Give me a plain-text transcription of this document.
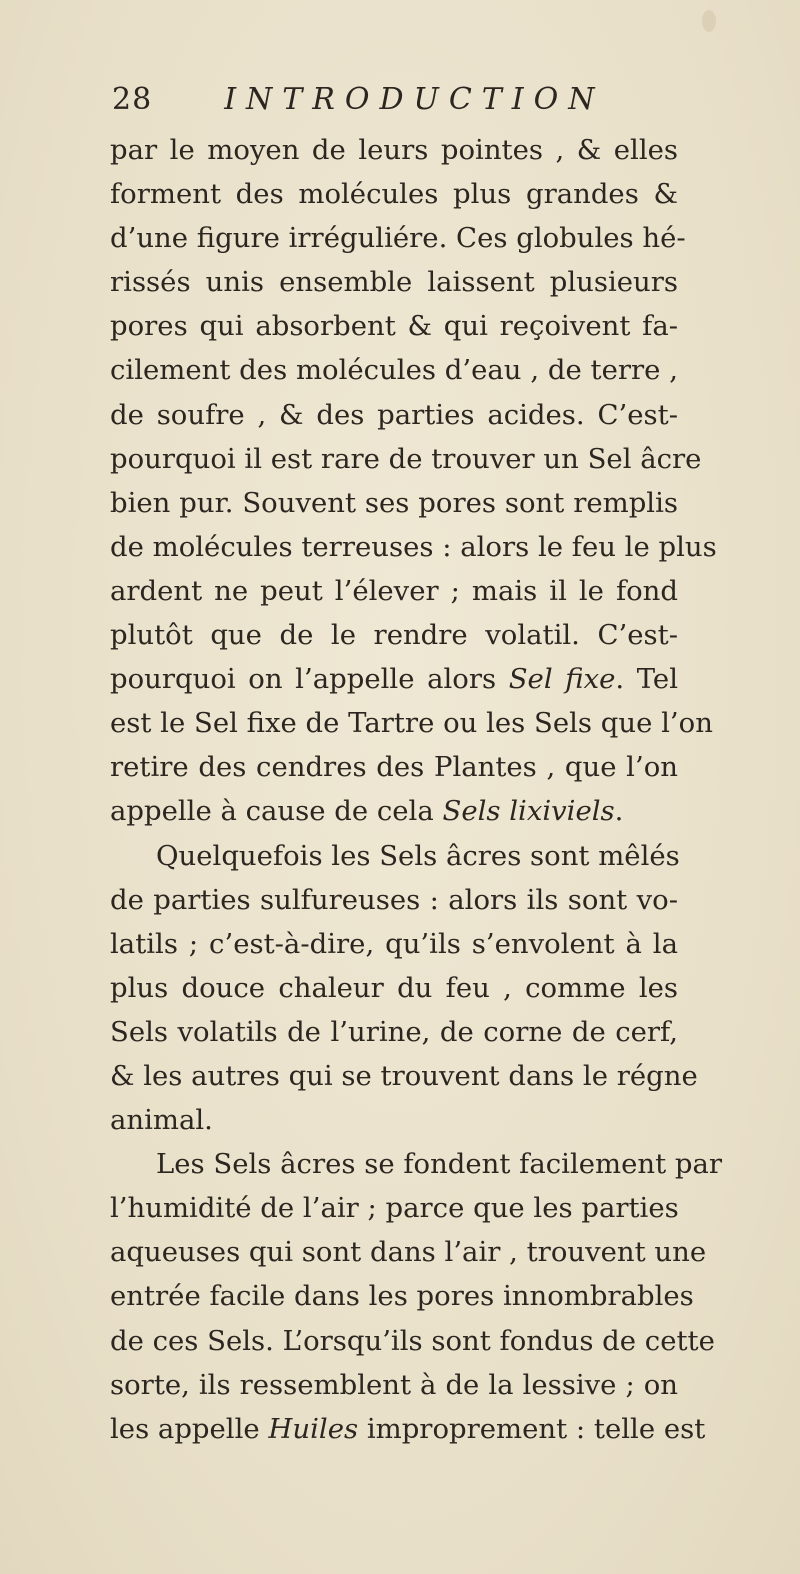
28 INTRODUCTION
par le moyen de leurs pointes , & elles
forment des molécules plus grandes &
d’une figure irréguliére. Ces globules hé-
rissés unis ensemble laissent plusieurs
pores qui absorbent & qui reçoivent fa-
cilement des molécules d’eau , de terre ,
de soufre , & des parties acides. C’est-
pourquoi il est rare de trouver un Sel âcre
bien pur. Souvent ses pores sont remplis
de molécules terreuses : alors le feu le plus
ardent ne peut l’élever ; mais il le fond
plutôt que de le rendre volatil. C’est-
pourquoi on l’appelle alors Sel fixe. Tel
est le Sel fixe de Tartre ou les Sels que l’on
retire des cendres des Plantes , que l’on
appelle à cause de cela Sels lixiviels.
Quelquefois les Sels âcres sont mêlés
de parties sulfureuses : alors ils sont vo-
latils ; c’est-à-dire, qu’ils s’envolent à la
plus douce chaleur du feu , comme les
Sels volatils de l’urine, de corne de cerf,
& les autres qui se trouvent dans le régne
animal.
Les Sels âcres se fondent facilement par
l’humidité de l’air ; parce que les parties
aqueuses qui sont dans l’air , trouvent une
entrée facile dans les pores innombrables
de ces Sels. L’orsqu’ils sont fondus de cette
sorte, ils ressemblent à de la lessive ; on
les appelle Huiles improprement : telle est
